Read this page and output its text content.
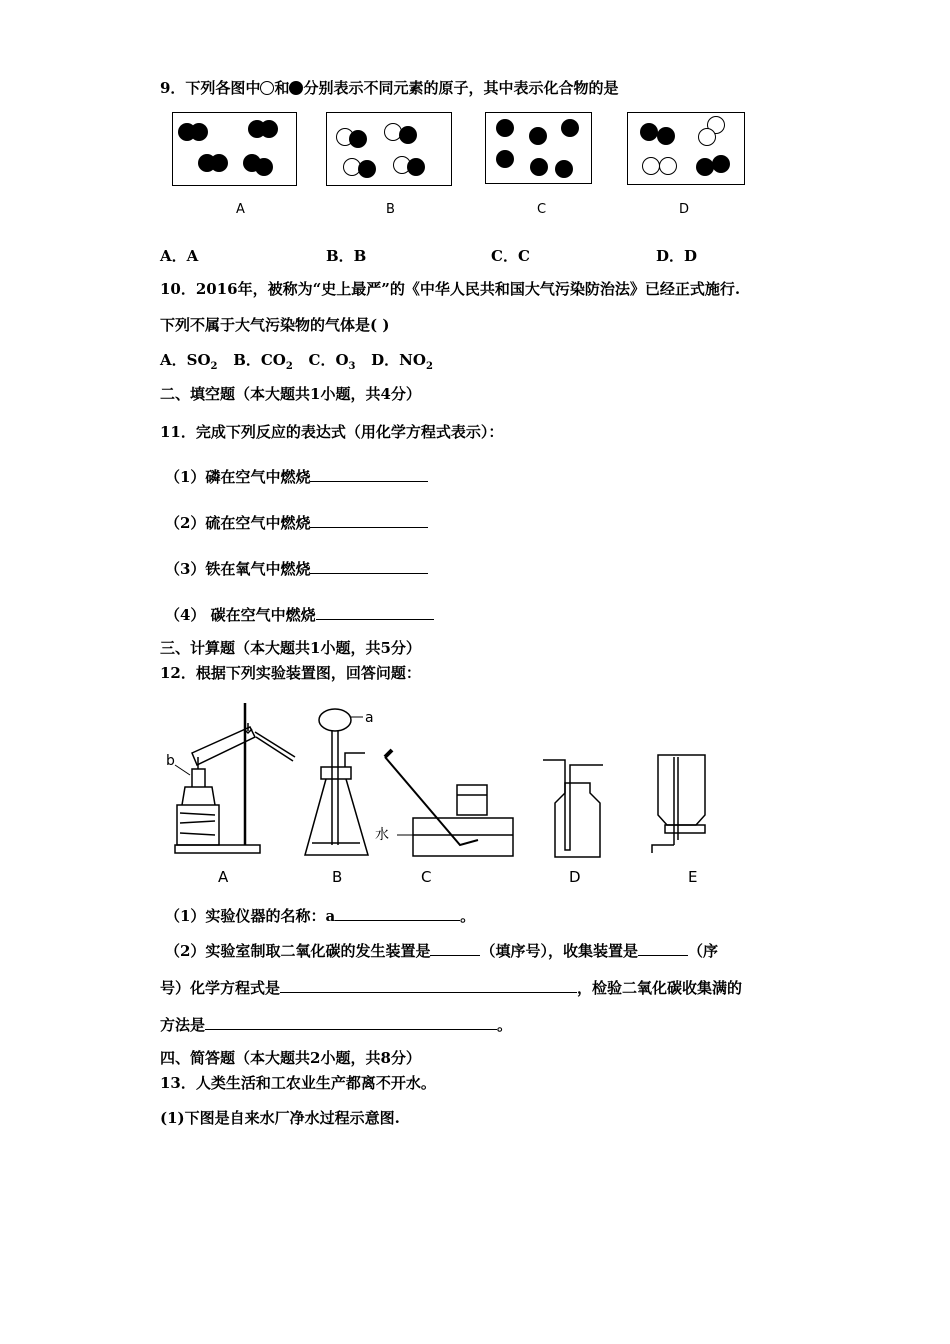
9．下列各图中 和 分别表示不同元素的原子，其中表示化合物的是
A	B	C	D
A．A	B．B	C．C	D．D
10．2016年，被称为“史上最严”的《中华人民共和国大气污染防治法》已经正式施行.
下列不属于大气污染物的气体是( )
A．$SO_2$ B．$CO_2$ C．$O_3$ D．$NO_2$
二、填空题（本大题共1小题，共4分）
11．完成下列反应的表达式（用化学方程式表示）：
（1）磷在空气中燃烧
（2）硫在空气中燃烧
（3）铁在氧气中燃烧
（4） 碳在空气中燃烧
三、计算题（本大题共1小题，共5分）
12．根据下列实验装置图，回答问题：
b
a
水
A	B	C	D	E
（1）实验仪器的名称：a	。
（2）实验室制取二氧化碳的发生装置是	（填序号），收集装置是	（序
号）化学方程式是	，检验二氧化碳收集满的
方法是	。
四、简答题（本大题共2小题，共8分）
13．人类生活和工农业生产都离不开水。
(1)下图是自来水厂净水过程示意图.
